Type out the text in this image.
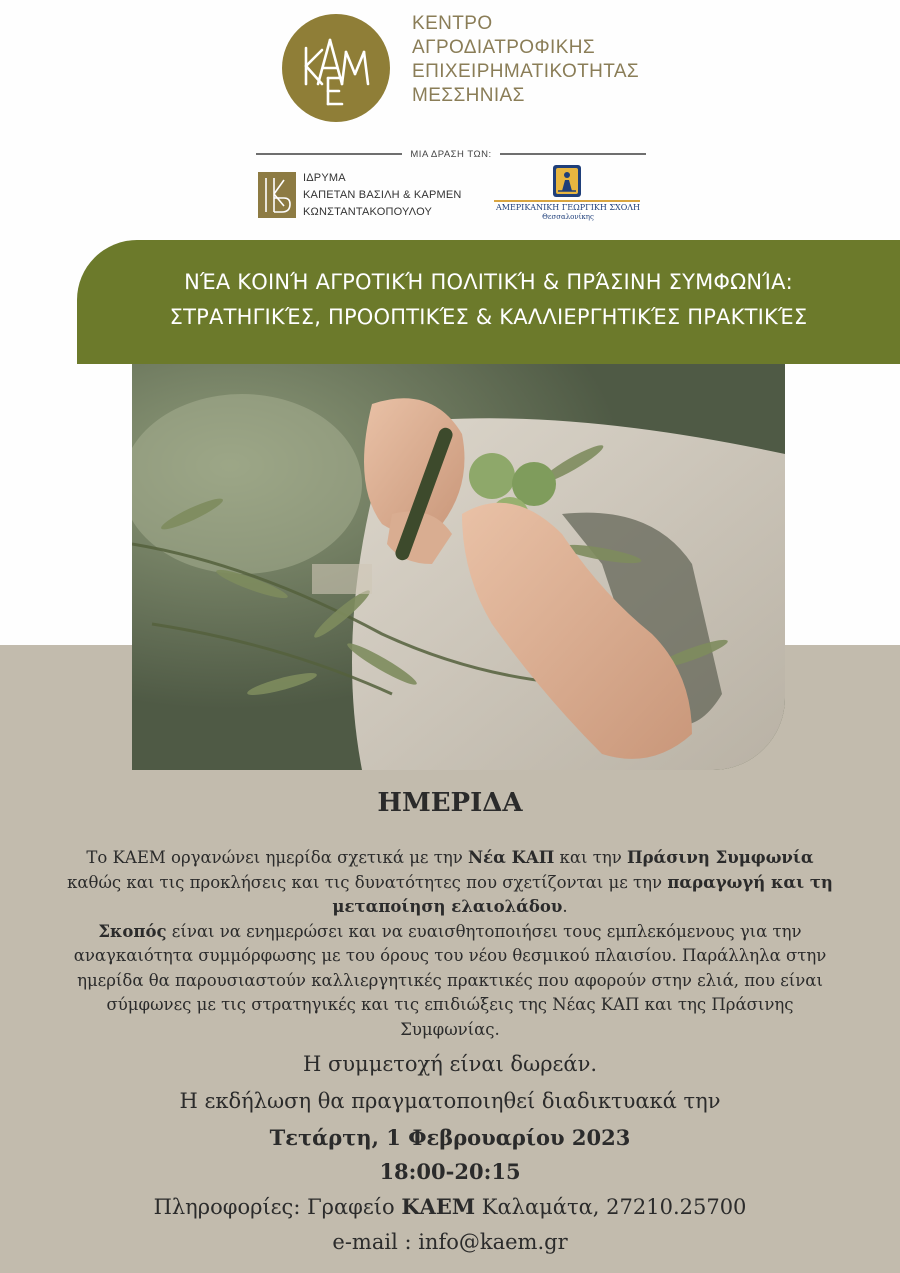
ΚΕΝΤΡΟ
ΑΓΡΟΔΙΑΤΡΟΦΙΚΗΣ
ΕΠΙΧΕΙΡΗΜΑΤΙΚΟΤΗΤΑΣ
ΜΕΣΣΗΝΙΑΣ
ΜΙΑ ΔΡΑΣΗ ΤΩΝ:
ΙΔΡΥΜΑ
ΚΑΠΕΤΑΝ ΒΑΣΙΛΗ & ΚΑΡΜΕΝ
ΚΩΝΣΤΑΝΤΑΚΟΠΟΥΛΟΥ	ΑΜΕΡΙΚΑΝΙΚΗ ΓΕΩΡΓΙΚΗ ΣΧΟΛΗ
Θεσσαλονίκης
ΝΈΑ ΚΟΙΝΉ ΑΓΡΟΤΙΚΉ ΠΟΛΙΤΙΚΉ & ΠΡΆΣΙΝΗ ΣΥΜΦΩΝΊΑ:
ΣΤΡΑΤΗΓΙΚΈΣ, ΠΡΟΟΠΤΙΚΈΣ & ΚΑΛΛΙΕΡΓΗΤΙΚΈΣ ΠΡΑΚΤΙΚΈΣ
ΗΜΕΡΙΔΑ
Το ΚΑΕΜ οργανώνει ημερίδα σχετικά με την Νέα ΚΑΠ και την Πράσινη Συμφωνία καθώς και τις προκλήσεις και τις δυνατότητες που σχετίζονται με την παραγωγή και τη μεταποίηση ελαιολάδου.
Σκοπός είναι να ενημερώσει και να ευαισθητοποιήσει τους εμπλεκόμενους για την αναγκαιότητα συμμόρφωσης με του όρους του νέου θεσμικού πλαισίου. Παράλληλα στην ημερίδα θα παρουσιαστούν καλλιεργητικές πρακτικές που αφορούν στην ελιά, που είναι σύμφωνες με τις στρατηγικές και τις επιδιώξεις της Νέας ΚΑΠ και της Πράσινης Συμφωνίας.
Η συμμετοχή είναι δωρεάν.
Η εκδήλωση θα πραγματοποιηθεί διαδικτυακά την
Τετάρτη, 1 Φεβρουαρίου 2023
18:00-20:15
Πληροφορίες: Γραφείο ΚΑΕΜ Καλαμάτα, 27210.25700
e-mail : info@kaem.gr
